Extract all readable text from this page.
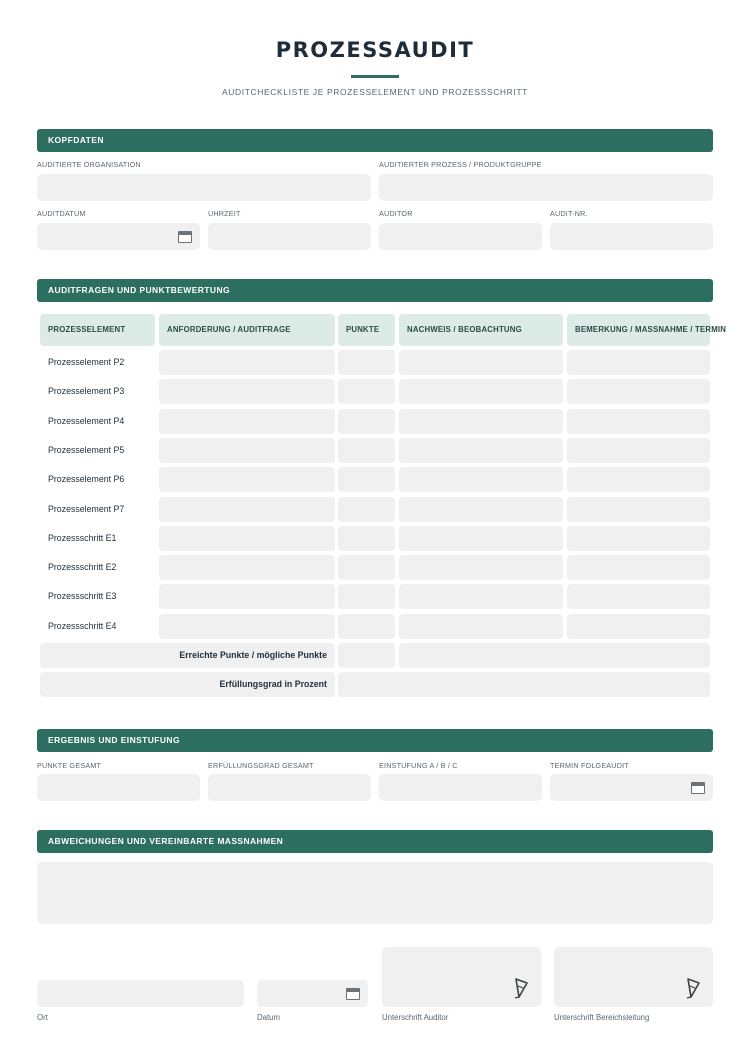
PROZESSAUDIT
AUDITCHECKLISTE JE PROZESSELEMENT UND PROZESSSCHRITT
KOPFDATEN
AUDITIERTE ORGANISATION	AUDITIERTER PROZESS / PRODUKTGRUPPE
AUDITDATUM	UHRZEIT	AUDITOR	AUDIT-NR.
AUDITFRAGEN UND PUNKTBEWERTUNG
PROZESSELEMENT	ANFORDERUNG / AUDITFRAGE	PUNKTE	NACHWEIS / BEOBACHTUNG	BEMERKUNG / MASSNAHME / TERMIN
Prozesselement P2
Prozesselement P3
Prozesselement P4
Prozesselement P5
Prozesselement P6
Prozesselement P7
Prozessschritt E1
Prozessschritt E2
Prozessschritt E3
Prozessschritt E4
Erreichte Punkte / mögliche Punkte
Erfüllungsgrad in Prozent
ERGEBNIS UND EINSTUFUNG
PUNKTE GESAMT	ERFÜLLUNGSGRAD GESAMT	EINSTUFUNG A / B / C	TERMIN FOLGEAUDIT
ABWEICHUNGEN UND VEREINBARTE MASSNAHMEN
Ort	Datum	Unterschrift Auditor	Unterschrift Bereichsleitung
